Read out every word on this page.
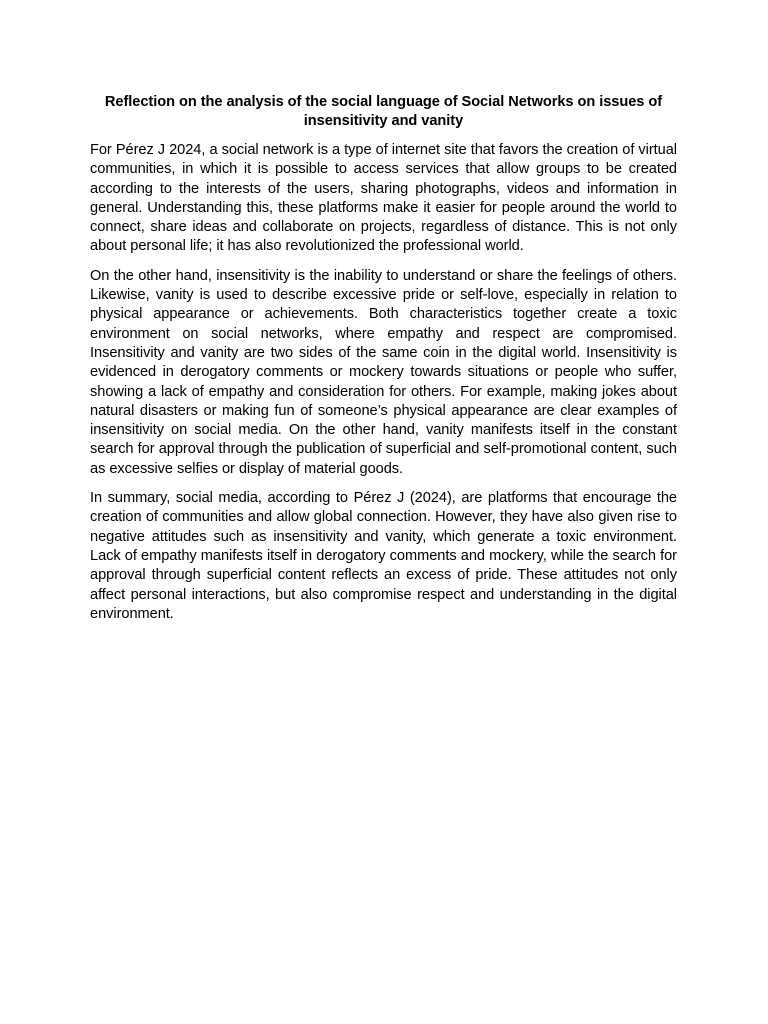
Reflection on the analysis of the social language of Social Networks on issues of insensitivity and vanity

For Pérez J 2024, a social network is a type of internet site that favors the creation of virtual communities, in which it is possible to access services that allow groups to be created according to the interests of the users, sharing photographs, videos and information in general. Understanding this, these platforms make it easier for people around the world to connect, share ideas and collaborate on projects, regardless of distance. This is not only about personal life; it has also revolutionized the professional world.

On the other hand, insensitivity is the inability to understand or share the feelings of others. Likewise, vanity is used to describe excessive pride or self-love, especially in relation to physical appearance or achievements. Both characteristics together create a toxic environment on social networks, where empathy and respect are compromised. Insensitivity and vanity are two sides of the same coin in the digital world. Insensitivity is evidenced in derogatory comments or mockery towards situations or people who suffer, showing a lack of empathy and consideration for others. For example, making jokes about natural disasters or making fun of someone’s physical appearance are clear examples of insensitivity on social media. On the other hand, vanity manifests itself in the constant search for approval through the publication of superficial and self-promotional content, such as excessive selfies or display of material goods.

In summary, social media, according to Pérez J (2024), are platforms that encourage the creation of communities and allow global connection. However, they have also given rise to negative attitudes such as insensitivity and vanity, which generate a toxic environment. Lack of empathy manifests itself in derogatory comments and mockery, while the search for approval through superficial content reflects an excess of pride. These attitudes not only affect personal interactions, but also compromise respect and understanding in the digital environment.
